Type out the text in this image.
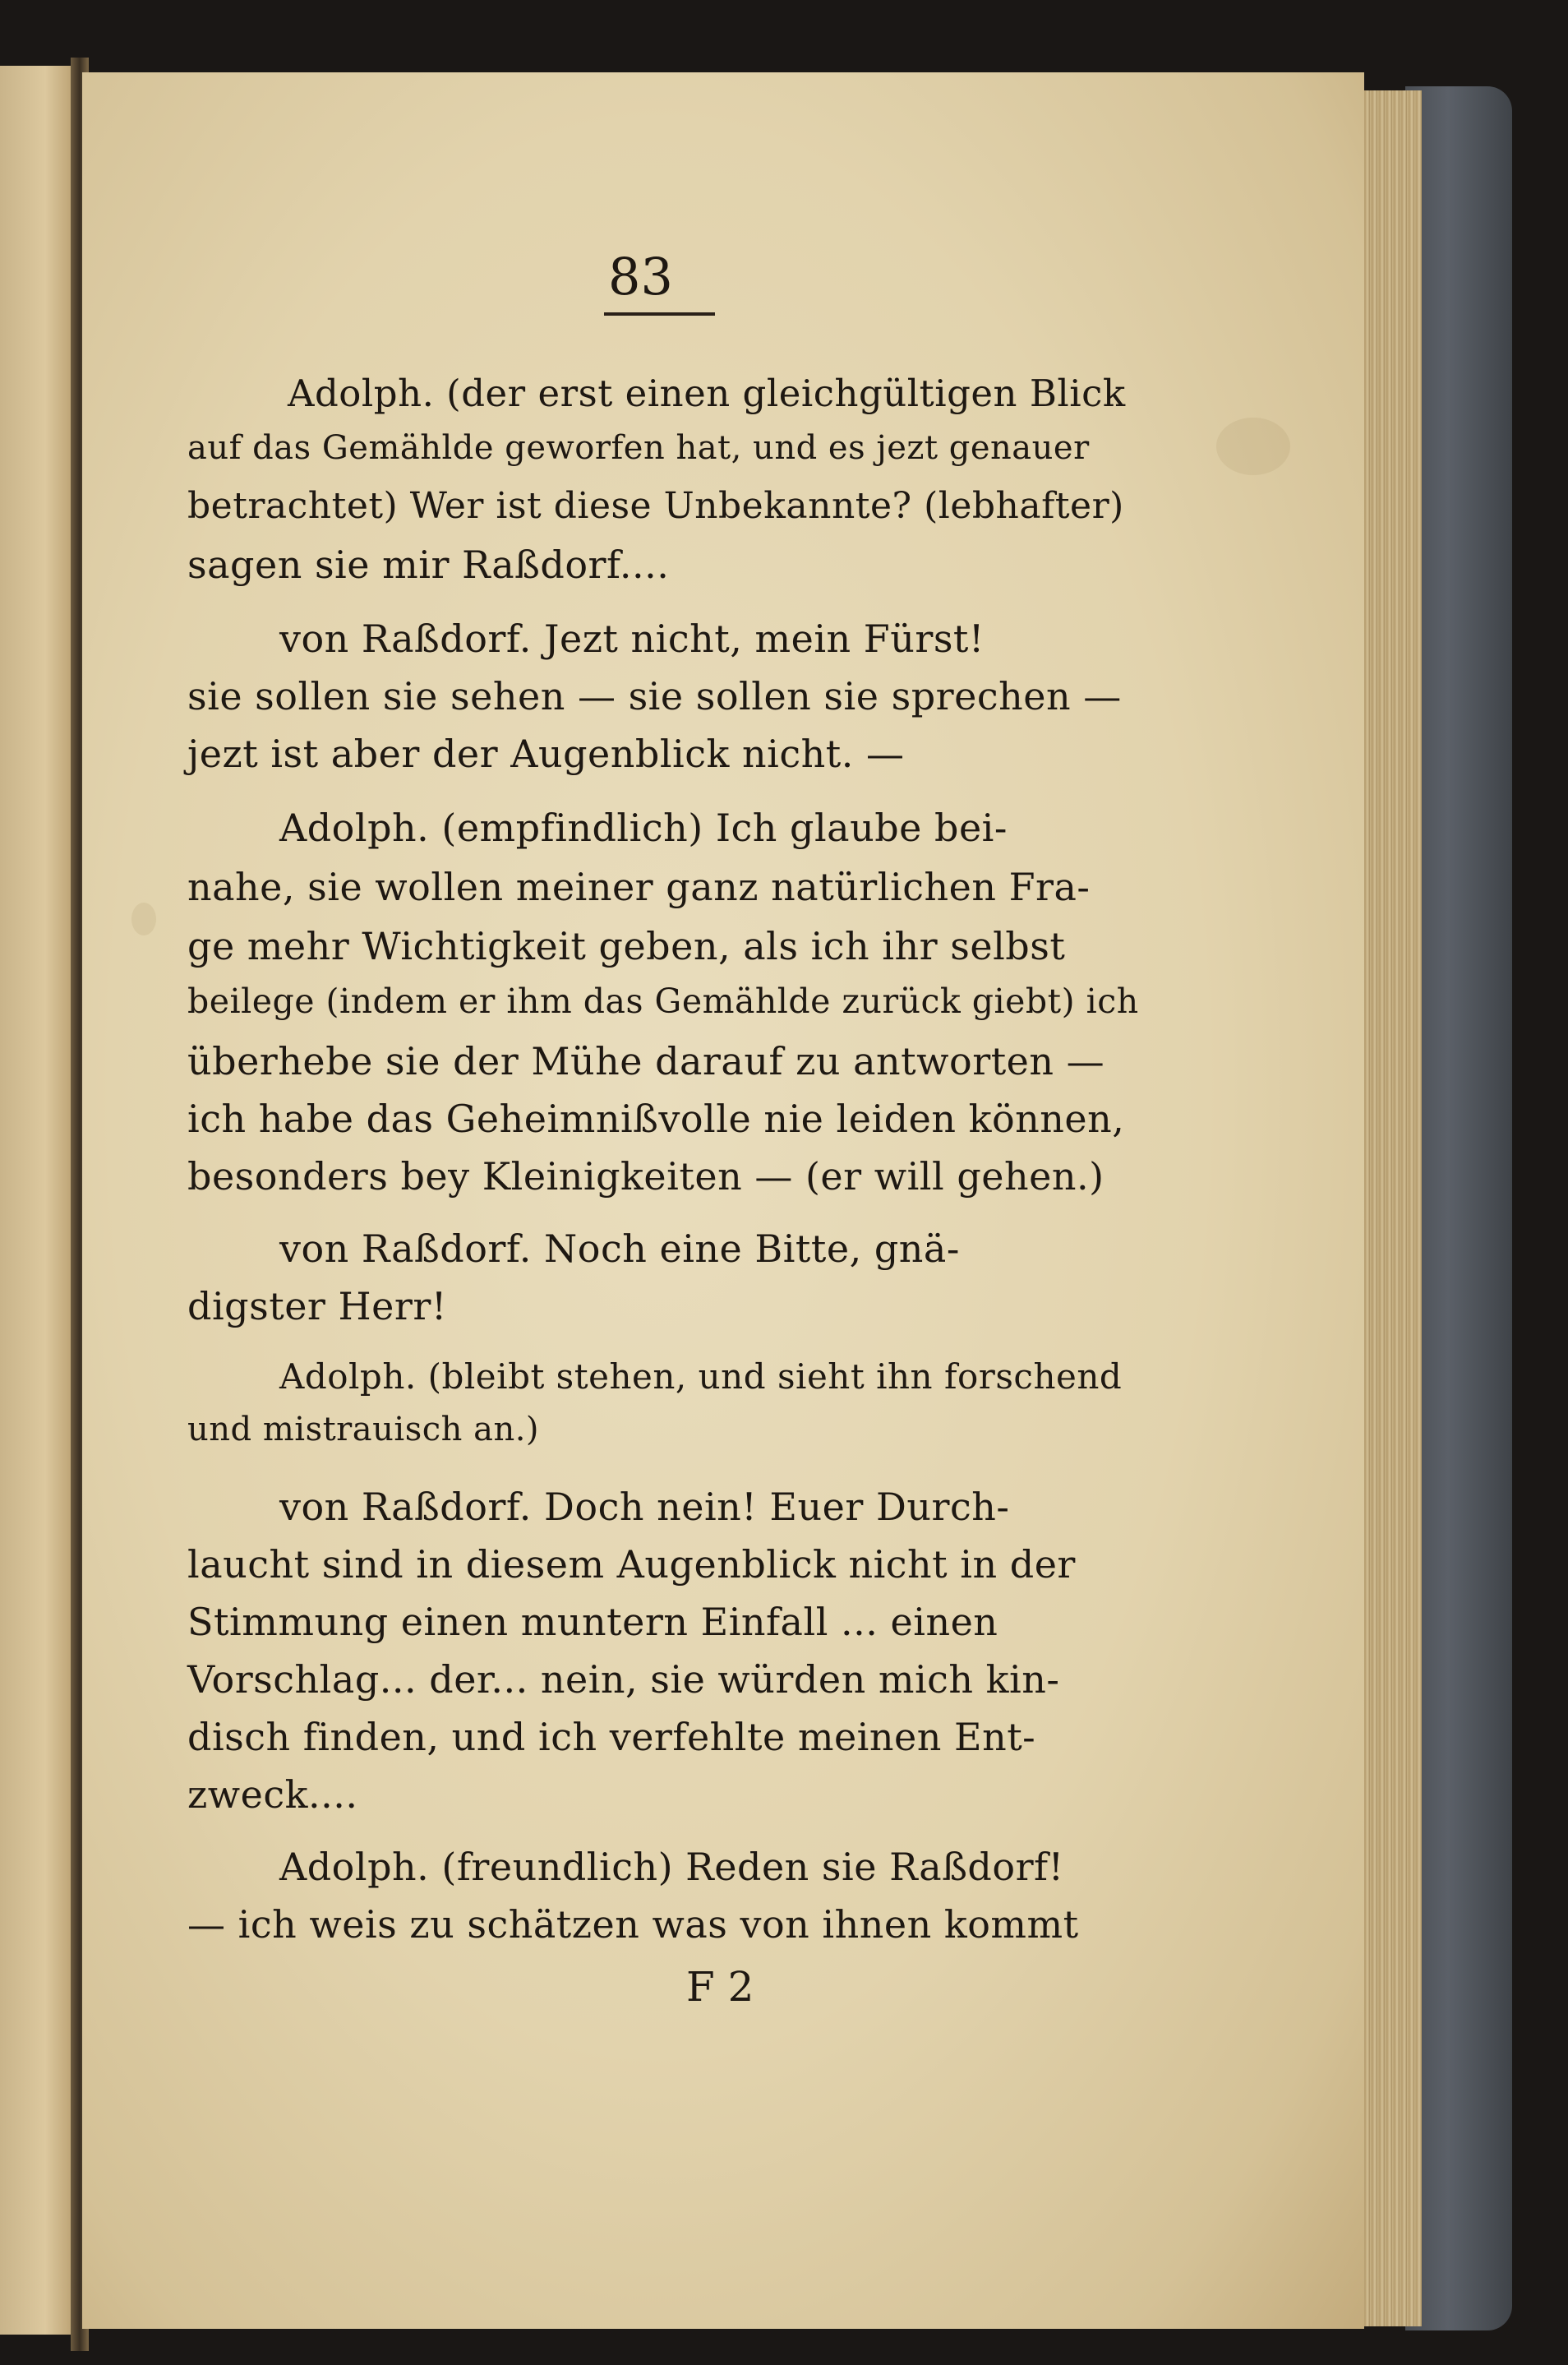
83
Adolph. (der erst einen gleichgültigen Blick
auf das Gemählde geworfen hat, und es jezt genauer
betrachtet) Wer ist diese Unbekannte? (lebhafter)
sagen sie mir Raßdorf....
von Raßdorf. Jezt nicht, mein Fürst!
sie sollen sie sehen — sie sollen sie sprechen —
jezt ist aber der Augenblick nicht. —
Adolph. (empfindlich) Ich glaube bei-
nahe, sie wollen meiner ganz natürlichen Fra-
ge mehr Wichtigkeit geben, als ich ihr selbst
beilege (indem er ihm das Gemählde zurück giebt) ich
überhebe sie der Mühe darauf zu antworten —
ich habe das Geheimnißvolle nie leiden können,
besonders bey Kleinigkeiten — (er will gehen.)
von Raßdorf. Noch eine Bitte, gnä-
digster Herr!
Adolph. (bleibt stehen, und sieht ihn forschend
und mistrauisch an.)
von Raßdorf. Doch nein! Euer Durch-
laucht sind in diesem Augenblick nicht in der
Stimmung einen muntern Einfall ... einen
Vorschlag... der... nein, sie würden mich kin-
disch finden, und ich verfehlte meinen Ent-
zweck....
Adolph. (freundlich) Reden sie Raßdorf!
— ich weis zu schätzen was von ihnen kommt
F 2
